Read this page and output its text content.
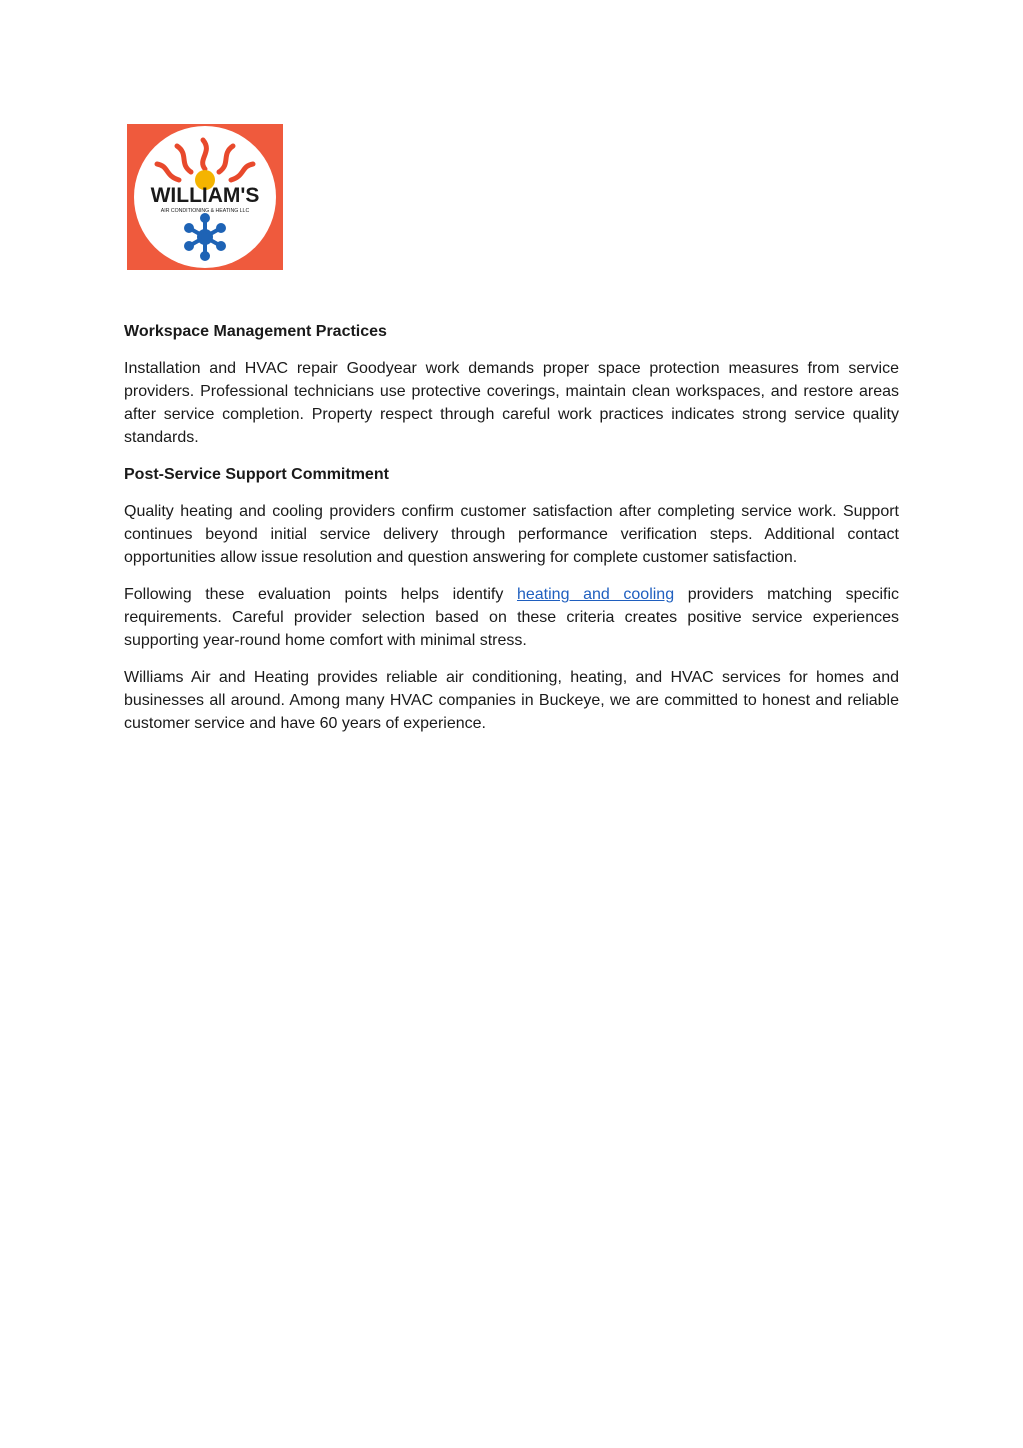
WILLIAM'S
AIR CONDITIONING & HEATING LLC
Workspace Management Practices

Installation and HVAC repair Goodyear work demands proper space protection measures from service providers. Professional technicians use protective coverings, maintain clean workspaces, and restore areas after service completion. Property respect through careful work practices indicates strong service quality standards.

Post-Service Support Commitment

Quality heating and cooling providers confirm customer satisfaction after completing service work. Support continues beyond initial service delivery through performance verification steps. Additional contact opportunities allow issue resolution and question answering for complete customer satisfaction.

Following these evaluation points helps identify heating and cooling providers matching specific requirements. Careful provider selection based on these criteria creates positive service experiences supporting year-round home comfort with minimal stress.

Williams Air and Heating provides reliable air conditioning, heating, and HVAC services for homes and businesses all around. Among many HVAC companies in Buckeye, we are committed to honest and reliable customer service and have 60 years of experience.
